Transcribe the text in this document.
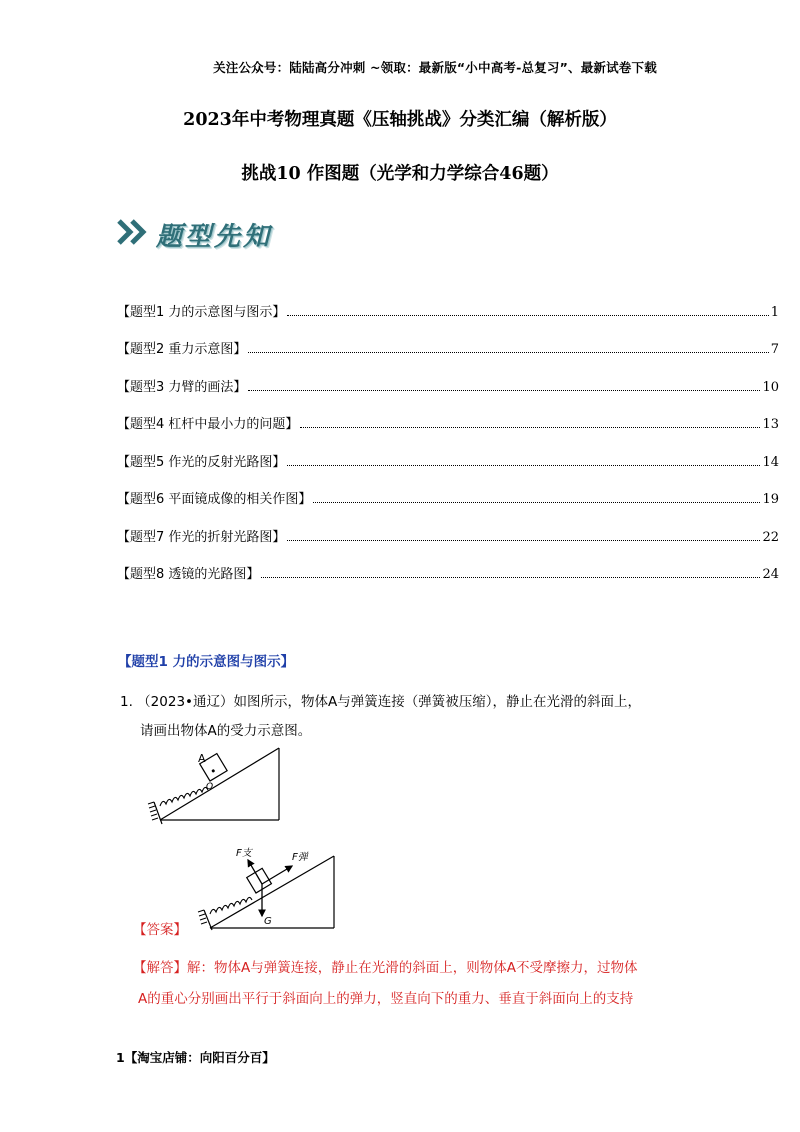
关注公众号：陆陆高分冲刺 ~领取：最新版“小中高考-总复习”、最新试卷下载
2023年中考物理真题《压轴挑战》分类汇编（解析版）
挑战10 作图题（光学和力学综合46题）
题型先知
【题型1 力的示意图与图示】	1
【题型2 重力示意图】	7
【题型3 力臂的画法】	10
【题型4 杠杆中最小力的问题】	13
【题型5 作光的反射光路图】	14
【题型6 平面镜成像的相关作图】	19
【题型7 作光的折射光路图】	22
【题型8 透镜的光路图】	24
【题型1 力的示意图与图示】
1. （2023•通辽）如图所示，物体A与弹簧连接（弹簧被压缩），静止在光滑的斜面上，
请画出物体A的受力示意图。
A
O
F支	F弹
G
【答案】
【解答】解：物体A与弹簧连接，静止在光滑的斜面上，则物体A不受摩擦力，过物体
A的重心分别画出平行于斜面向上的弹力，竖直向下的重力、垂直于斜面向上的支持
1【淘宝店铺：向阳百分百】
